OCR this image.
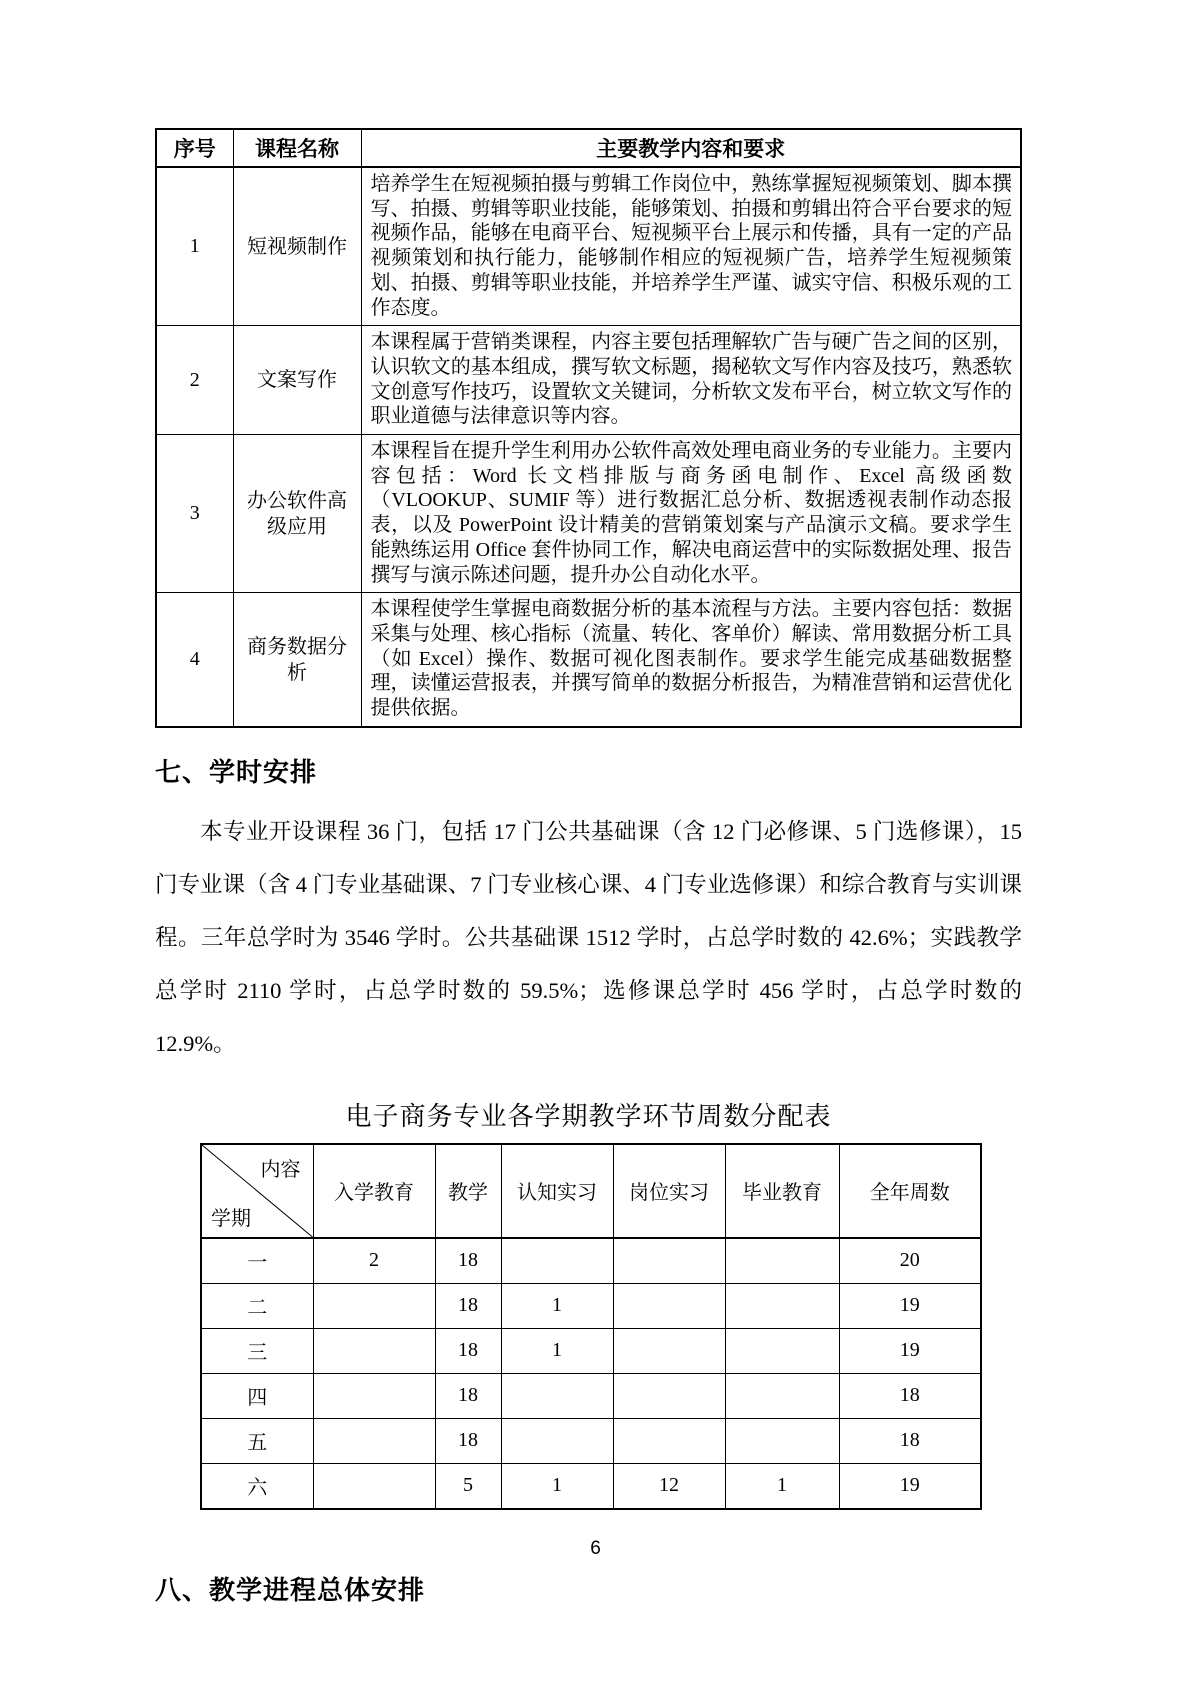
序号	课程名称	主要教学内容和要求
1	短视频制作	培养学生在短视频拍摄与剪辑工作岗位中，熟练掌握短视频策划、脚本撰写、拍摄、剪辑等职业技能，能够策划、拍摄和剪辑出符合平台要求的短视频作品，能够在电商平台、短视频平台上展示和传播，具有一定的产品视频策划和执行能力，能够制作相应的短视频广告，培养学生短视频策划、拍摄、剪辑等职业技能，并培养学生严谨、诚实守信、积极乐观的工作态度。
2	文案写作	本课程属于营销类课程，内容主要包括理解软广告与硬广告之间的区别，认识软文的基本组成，撰写软文标题，揭秘软文写作内容及技巧，熟悉软文创意写作技巧，设置软文关键词，分析软文发布平台，树立软文写作的职业道德与法律意识等内容。
3	办公软件高级应用	本课程旨在提升学生利用办公软件高效处理电商业务的专业能力。主要内容包括：Word 长文档排版与商务函电制作、Excel 高级函数（VLOOKUP、SUMIF 等）进行数据汇总分析、数据透视表制作动态报表，以及 PowerPoint 设计精美的营销策划案与产品演示文稿。要求学生能熟练运用 Office 套件协同工作，解决电商运营中的实际数据处理、报告撰写与演示陈述问题，提升办公自动化水平。
4	商务数据分析	本课程使学生掌握电商数据分析的基本流程与方法。主要内容包括：数据采集与处理、核心指标（流量、转化、客单价）解读、常用数据分析工具（如 Excel）操作、数据可视化图表制作。要求学生能完成基础数据整理，读懂运营报表，并撰写简单的数据分析报告，为精准营销和运营优化提供依据。
七、学时安排

本专业开设课程 36 门，包括 17 门公共基础课（含 12 门必修课、5 门选修课），15 门专业课（含 4 门专业基础课、7 门专业核心课、4 门专业选修课）和综合教育与实训课程。三年总学时为 3546 学时。公共基础课 1512 学时，占总学时数的 42.6%；实践教学总学时 2110 学时，占总学时数的 59.5%；选修课总学时 456 学时，占总学时数的 12.9%。

电子商务专业各学期教学环节周数分配表
内容
学期	入学教育	教学	认知实习	岗位实习	毕业教育	全年周数
一	2	18				20
二		18	1			19
三		18	1			19
四		18				18
五		18				18
六		5	1	12	1	19
八、教学进程总体安排
6
